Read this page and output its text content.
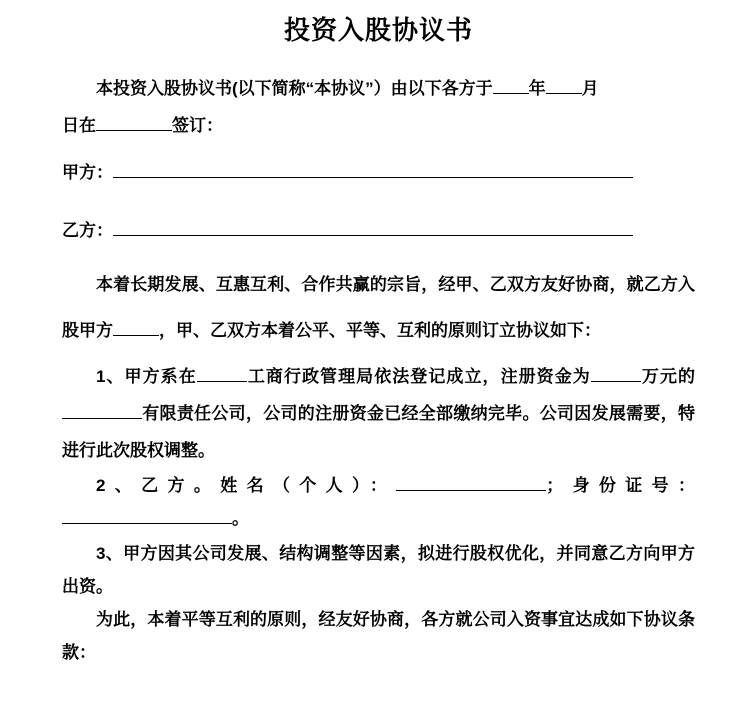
投资入股协议书

本投资入股协议书(以下简称“本协议”）由以下各方于 年 月
日在	签订：

甲方：

乙方：

本着长期发展、互惠互利、合作共赢的宗旨，经甲、乙双方友好协商，就乙方入股甲方	，甲、乙双方本着公平、平等、互利的原则订立协议如下：

1、甲方系在	工商行政管理局依法登记成立，注册资金为	万元的有限责任公司，公司的注册资金已经全部缴纳完毕。公司因发展需要，特进行此次股权调整。

2、乙方。姓名（个人）：	；身份证号：。

3、甲方因其公司发展、结构调整等因素，拟进行股权优化，并同意乙方向甲方出资。

为此，本着平等互利的原则，经友好协商，各方就公司入资事宜达成如下协议条款：
